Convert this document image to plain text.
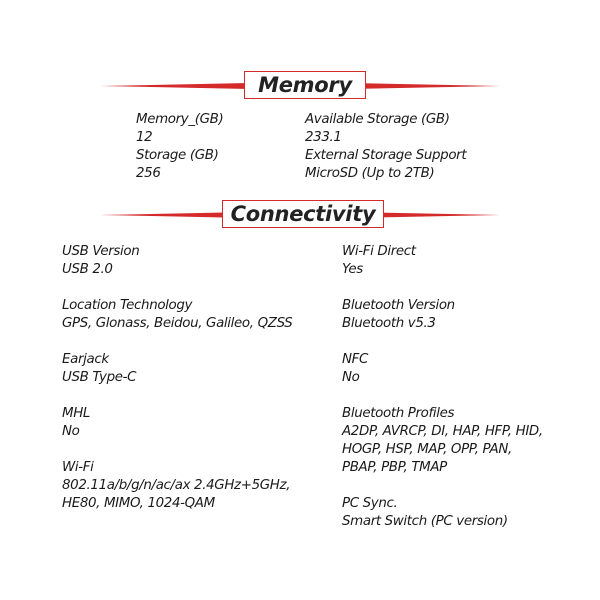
Memory
Memory_(GB)
12
Storage (GB)
256
Available Storage (GB)
233.1
External Storage Support
MicroSD (Up to 2TB)
Connectivity
USB Version
USB 2.0
Location Technology
GPS, Glonass, Beidou, Galileo, QZSS
Earjack
USB Type-C
MHL
No
Wi-Fi
802.11a/b/g/n/ac/ax 2.4GHz+5GHz,
HE80, MIMO, 1024-QAM
Wi-Fi Direct
Yes
Bluetooth Version
Bluetooth v5.3
NFC
No
Bluetooth Profiles
A2DP, AVRCP, DI, HAP, HFP, HID,
HOGP, HSP, MAP, OPP, PAN,
PBAP, PBP, TMAP
PC Sync.
Smart Switch (PC version)
